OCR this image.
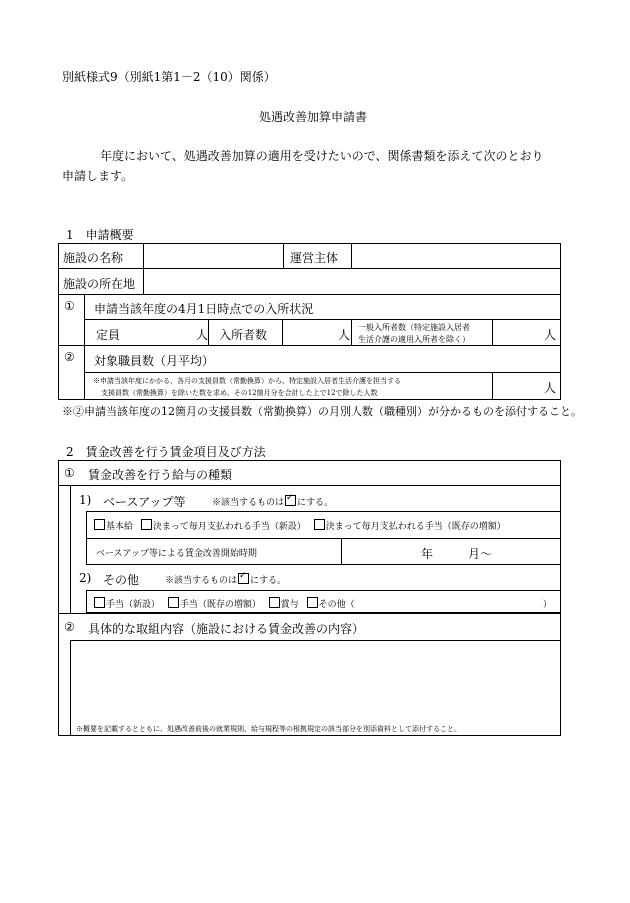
別紙様式9（別紙1第1－2（10）関係）
処遇改善加算申請書
年度において、処遇改善加算の適用を受けたいので、関係書類を添えて次のとおり
申請します。
1　申請概要
施設の名称	運営主体
施設の所在地
① 申請当該年度の4月1日時点での入所状況
定員	人 入所者数	人
一般入所者数（特定施設入居者
生活介護の適用入所者を除く）	人
② 対象職員数（月平均）
※申請当該年度にかかる、各月の支援員数（常勤換算）から、特定施設入居者生活介護を担当する
支援員数（常勤換算）を除いた数を求め、その12箇月分を合計した上で12で除した人数	人
※②申請当該年度の12箇月の支援員数（常勤換算）の月別人数（職種別）が分かるものを添付すること。
2　賃金改善を行う賃金項目及び方法
① 賃金改善を行う給与の種類
1) ベースアップ等	※該当するものは ✓ にする。
基本給 決まって毎月支払われる手当（新設） 決まって毎月支払われる手当（既存の増額）
ベースアップ等による賃金改善開始時期	年	月～
2) その他	※該当するものは ✓ にする。
手当（新設） 手当（既存の増額） 賞与 その他（	）
② 具体的な取組内容（施設における賃金改善の内容）
※概要を記載するとともに、処遇改善前後の就業規則、給与規程等の根拠規定の該当部分を別添資料として添付すること。
